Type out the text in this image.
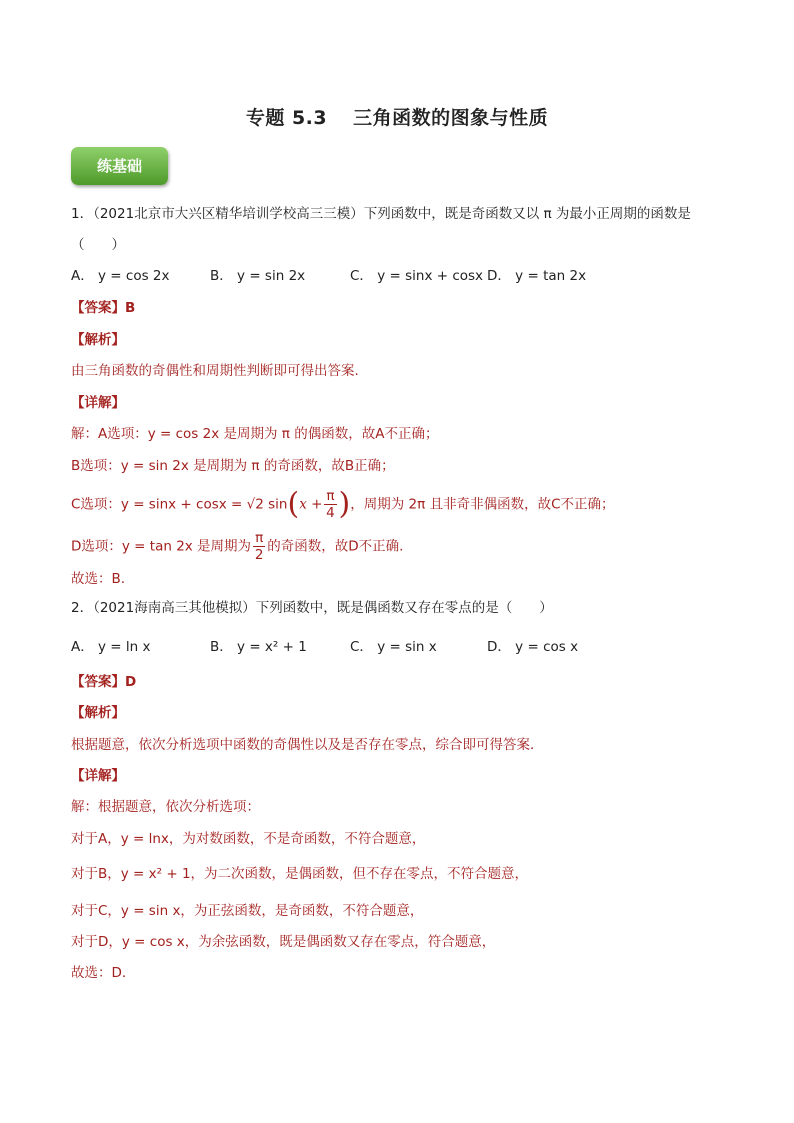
专题 5.3 三角函数的图象与性质
练基础
1．（2021北京市大兴区精华培训学校高三三模）下列函数中，既是奇函数又以 π 为最小正周期的函数是
（　　）
A． y = cos 2x	B． y = sin 2x	C． y = sinx + cosx D． y = tan 2x
【答案】B
【解析】
由三角函数的奇偶性和周期性判断即可得出答案.
【详解】
解：A选项：y = cos 2x 是周期为 π 的偶函数，故A不正确；
B选项：y = sin 2x 是周期为 π 的奇函数，故B正确；
C选项：y = sinx + cosx = √2 $\sin(x + \frac{\pi}{4}$ )，周期为 2π 且非奇非偶函数，故C不正确；
D选项：y = tan 2x 是周期为 $\frac{\pi}{2}$ 的奇函数，故D不正确.
故选：B.
2．（2021海南高三其他模拟）下列函数中，既是偶函数又存在零点的是（　　）
A． y = ln x	B． y = x² + 1	C． y = sin x	D． y = cos x
【答案】D
【解析】
根据题意，依次分析选项中函数的奇偶性以及是否存在零点，综合即可得答案．
【详解】
解：根据题意，依次分析选项：
对于A，y = lnx，为对数函数，不是奇函数，不符合题意，
对于B，y = x² + 1，为二次函数，是偶函数，但不存在零点，不符合题意，
对于C，y = sin x，为正弦函数，是奇函数，不符合题意，
对于D，y = cos x，为余弦函数，既是偶函数又存在零点，符合题意，
故选：D．
